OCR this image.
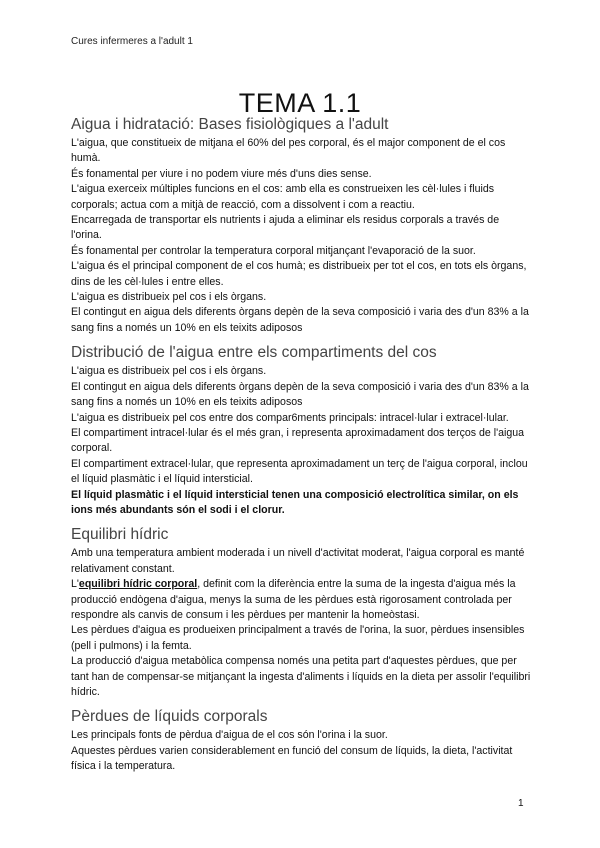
Cures infermeres a l'adult 1
TEMA 1.1
Aigua i hidratació: Bases fisiològiques a l'adult

L'aigua, que constitueix de mitjana el 60% del pes corporal, és el major component de el cos humà.

És fonamental per viure i no podem viure més d'uns dies sense.

L'aigua exerceix múltiples funcions en el cos: amb ella es construeixen les cèl·lules i fluids corporals; actua com a mitjà de reacció, com a dissolvent i com a reactiu.

Encarregada de transportar els nutrients i ajuda a eliminar els residus corporals a través de l'orina.

És fonamental per controlar la temperatura corporal mitjançant l'evaporació de la suor.

L'aigua és el principal component de el cos humà; es distribueix per tot el cos, en tots els òrgans, dins de les cèl·lules i entre elles.

L'aigua es distribueix pel cos i els òrgans.

El contingut en aigua dels diferents òrgans depèn de la seva composició i varia des d'un 83% a la sang fins a només un 10% en els teixits adiposos

Distribució de l'aigua entre els compartiments del cos

L'aigua es distribueix pel cos i els òrgans.

El contingut en aigua dels diferents òrgans depèn de la seva composició i varia des d'un 83% a la sang fins a només un 10% en els teixits adiposos

L'aigua es distribueix pel cos entre dos compar6ments principals: intracel·lular i extracel·lular.

El compartiment intracel·lular és el més gran, i representa aproximadament dos terços de l'aigua corporal.

El compartiment extracel·lular, que representa aproximadament un terç de l'aigua corporal, inclou el líquid plasmàtic i el líquid intersticial.

El líquid plasmàtic i el líquid intersticial tenen una composició electrolítica similar, on els ions més abundants són el sodi i el clorur.

Equilibri hídric

Amb una temperatura ambient moderada i un nivell d'activitat moderat, l'aigua corporal es manté relativament constant.

L'equilibri hídric corporal, definit com la diferència entre la suma de la ingesta d'aigua més la producció endògena d'aigua, menys la suma de les pèrdues està rigorosament controlada per respondre als canvis de consum i les pèrdues per mantenir la homeòstasi.

Les pèrdues d'aigua es produeixen principalment a través de l'orina, la suor, pèrdues insensibles (pell i pulmons) i la femta.

La producció d'aigua metabòlica compensa només una petita part d'aquestes pèrdues, que per tant han de compensar-se mitjançant la ingesta d'aliments i líquids en la dieta per assolir l'equilibri hídric.

Pèrdues de líquids corporals

Les principals fonts de pèrdua d'aigua de el cos són l'orina i la suor.

Aquestes pèrdues varien considerablement en funció del consum de líquids, la dieta, l'activitat física i la temperatura.

1
